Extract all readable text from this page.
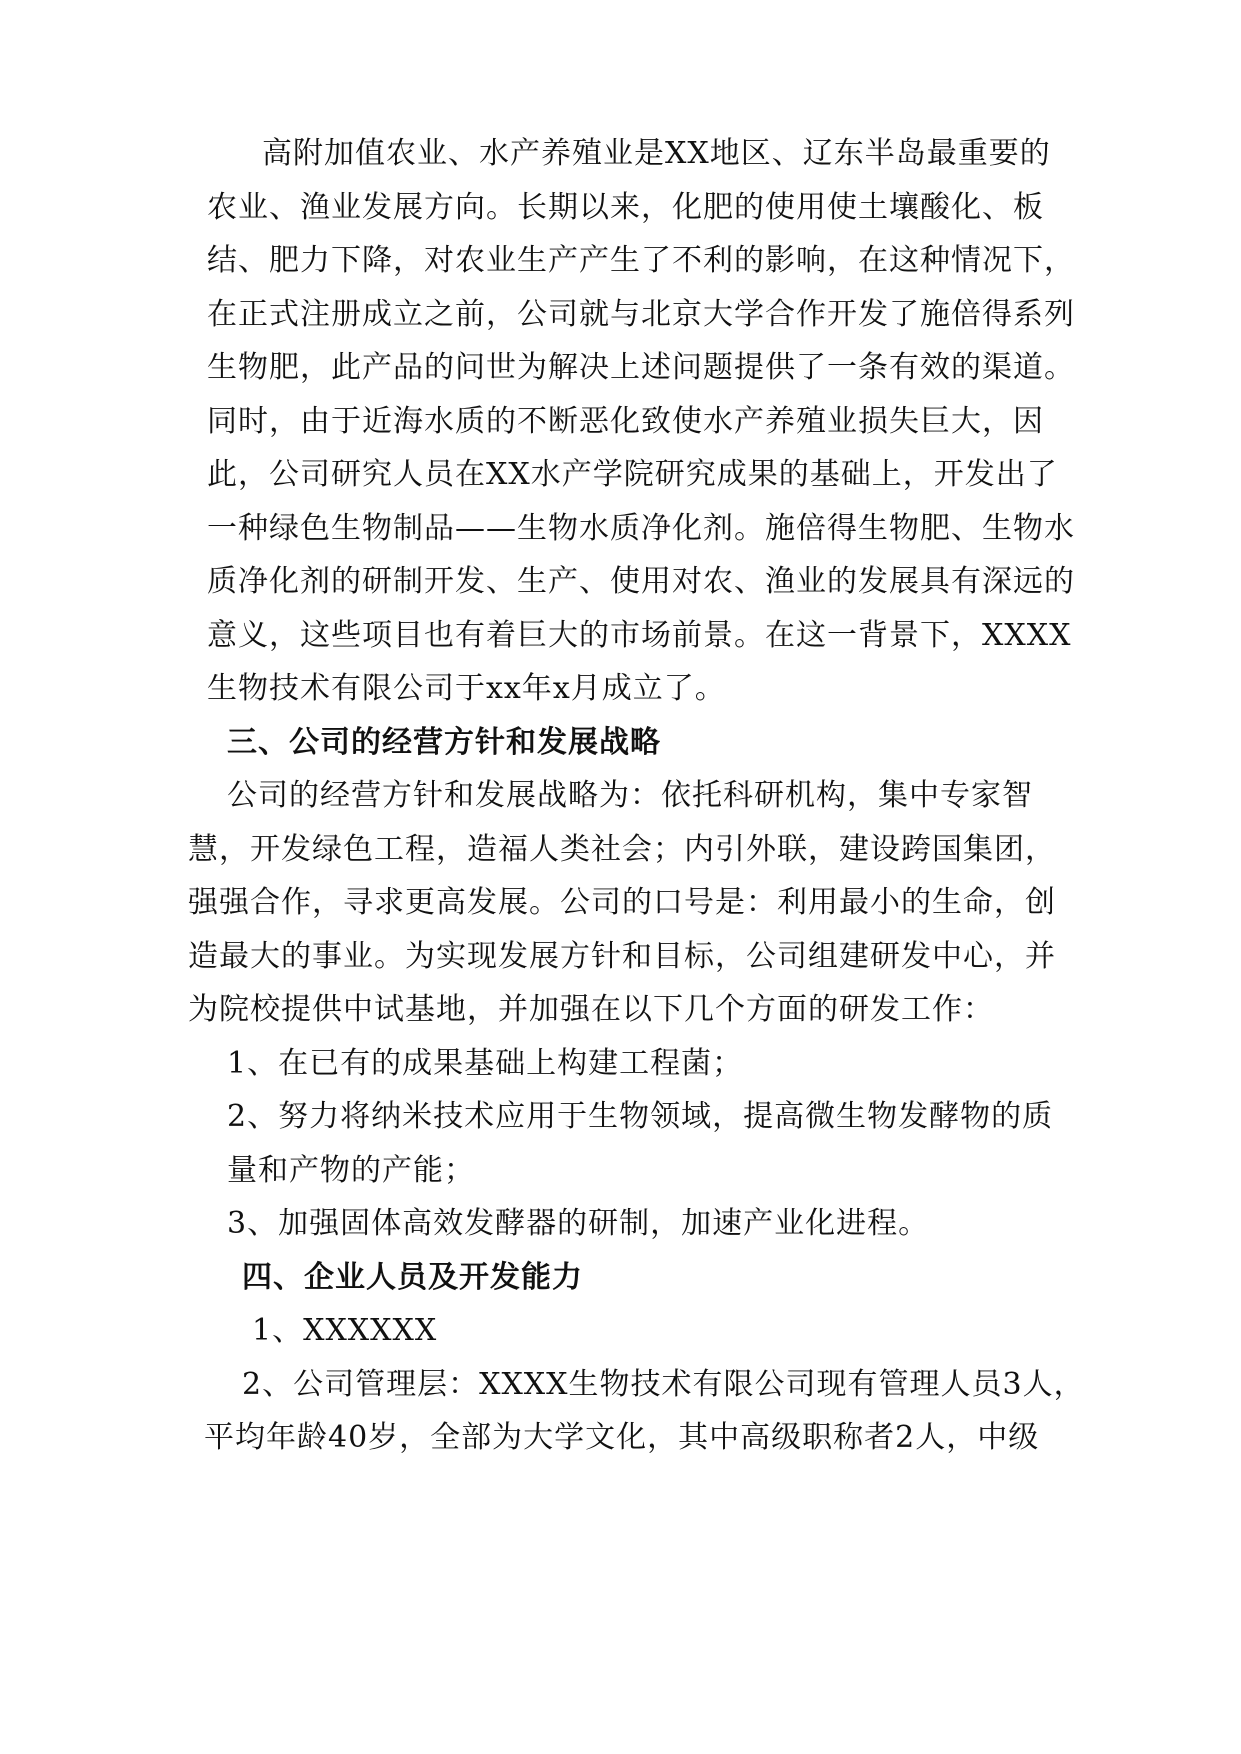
高附加值农业、水产养殖业是XX地区、辽东半岛最重要的
农业、渔业发展方向。长期以来，化肥的使用使土壤酸化、板
结、肥力下降，对农业生产产生了不利的影响，在这种情况下，
在正式注册成立之前，公司就与北京大学合作开发了施倍得系列
生物肥，此产品的问世为解决上述问题提供了一条有效的渠道。
同时，由于近海水质的不断恶化致使水产养殖业损失巨大，因
此，公司研究人员在XX水产学院研究成果的基础上，开发出了
一种绿色生物制品——生物水质净化剂。施倍得生物肥、生物水
质净化剂的研制开发、生产、使用对农、渔业的发展具有深远的
意义，这些项目也有着巨大的市场前景。在这一背景下，XXXX
生物技术有限公司于xx年x月成立了。
三、公司的经营方针和发展战略
公司的经营方针和发展战略为：依托科研机构，集中专家智
慧，开发绿色工程，造福人类社会；内引外联，建设跨国集团，
强强合作，寻求更高发展。公司的口号是：利用最小的生命，创
造最大的事业。为实现发展方针和目标，公司组建研发中心，并
为院校提供中试基地，并加强在以下几个方面的研发工作：
1、在已有的成果基础上构建工程菌；
2、努力将纳米技术应用于生物领域，提高微生物发酵物的质
量和产物的产能；
3、加强固体高效发酵器的研制，加速产业化进程。
四、企业人员及开发能力
1、XXXXXX
2、公司管理层：XXXX生物技术有限公司现有管理人员3人，
平均年龄40岁，全部为大学文化，其中高级职称者2人，中级
